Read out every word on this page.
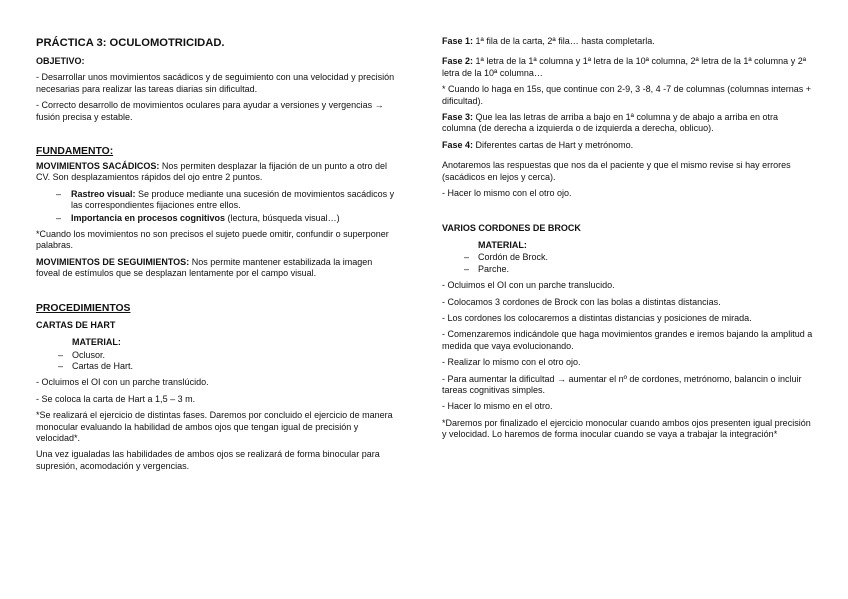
PRÁCTICA 3: OCULOMOTRICIDAD.

OBJETIVO:

- Desarrollar unos movimientos sacádicos y de seguimiento con una velocidad y precisión necesarias para realizar las tareas diarias sin dificultad.

- Correcto desarrollo de movimientos oculares para ayudar a versiones y vergencias → fusión precisa y estable.

FUNDAMENTO:

MOVIMIENTOS SACÁDICOS: Nos permiten desplazar la fijación de un punto a otro del CV. Son desplazamientos rápidos del ojo entre 2 puntos.

– Rastreo visual: Se produce mediante una sucesión de movimientos sacádicos y las correspondientes fijaciones entre ellos.
– Importancia en procesos cognitivos (lectura, búsqueda visual…)

*Cuando los movimientos no son precisos el sujeto puede omitir, confundir o superponer palabras.

MOVIMIENTOS DE SEGUIMIENTOS: Nos permite mantener estabilizada la imagen foveal de estímulos que se desplazan lentamente por el campo visual.

PROCEDIMIENTOS

CARTAS DE HART

MATERIAL:
– Oclusor.
– Cartas de Hart.

- Ocluimos el OI con un parche translúcido.

- Se coloca la carta de Hart a 1,5 – 3 m.

*Se realizará el ejercicio de distintas fases. Daremos por concluido el ejercicio de manera monocular evaluando la habilidad de ambos ojos que tengan igual de precisión y velocidad*.

Una vez igualadas las habilidades de ambos ojos se realizará de forma binocular para supresión, acomodación y vergencias.

Fase 1: 1ª fila de la carta, 2ª fila… hasta completarla.

Fase 2: 1ª letra de la 1ª columna y 1ª letra de la 10ª columna, 2ª letra de la 1ª columna y 2ª letra de la 10ª columna…

* Cuando lo haga en 15s, que continue con 2-9, 3 -8, 4 -7 de columnas (columnas internas + dificultad).

Fase 3: Que lea las letras de arriba a bajo en 1ª columna y de abajo a arriba en otra columna (de derecha a izquierda o de izquierda a derecha, oblicuo).

Fase 4: Diferentes cartas de Hart y metrónomo.

Anotaremos las respuestas que nos da el paciente y que el mismo revise si hay errores (sacádicos en lejos y cerca).

- Hacer lo mismo con el otro ojo.

VARIOS CORDONES DE BROCK

MATERIAL:
– Cordón de Brock.
– Parche.

- Ocluimos el OI con un parche translucido.

- Colocamos 3 cordones de Brock con las bolas a distintas distancias.

- Los cordones los colocaremos a distintas distancias y posiciones de mirada.

- Comenzaremos indicándole que haga movimientos grandes e iremos bajando la amplitud a medida que vaya evolucionando.

- Realizar lo mismo con el otro ojo.

- Para aumentar la dificultad → aumentar el nº de cordones, metrónomo, balancin o incluir tareas cognitivas simples.

- Hacer lo mismo en el otro.

*Daremos por finalizado el ejercicio monocular cuando ambos ojos presenten igual precisión y velocidad. Lo haremos de forma inocular cuando se vaya a trabajar la integración*
